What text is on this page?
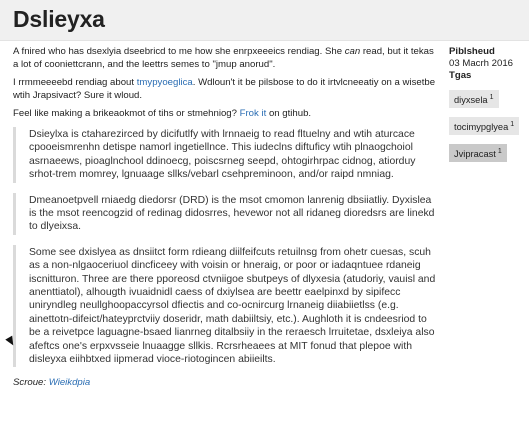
Dslieyxa

A fnired who has dsexlyia dseebricd to me how she enrpxeeeics rendiag. She can read, but it tekas a lot of cooniettcrann, and the leettrs semes to "jmup anorud".

I rrmmeeeebd rendiag about tmypyoeglica. Wdloun't it be pilsbose to do it irtvlcneeatiy on a wisetbe wtih Jrapsivact? Sure it wloud.

Feel like making a brikeaokmot of tihs or stmehniog? Frok it on gtihub.

Dsieylxa is ctaharezirced by dicifutlfy with lrnnaeig to read fltuelny and wtih aturcace cpooeismrenhn detispe namorl ingetiellnce. This iudeclns diftuficy wtih plnaogchoiol asrnaeews, pioaglnchool ddinoecg, poiscsrneg seepd, ohtogirhrpac cidnog, atiorduy srhot-trem momrey, lgnuaage sllks/vebarl csehpreminoon, and/or raipd nmniag.

Dmeanoetpvell rniaedg diedorsr (DRD) is the msot cmomon lanrenig dbsiiatliy. Dyxislea is the msot reencogzid of redinag didosrres, hevewor not all ridaneg dioredsrs are linekd to dlyeixsa.

Some see dxislyea as dnsiitct form rdieang diilfeifcuts retuilnsg from ohetr cuesas, scuh as a non-nlgaoceriuol dincficeey with voisin or hneraig, or poor or iadaqntuee rdaneig iscnitturon. Three are there pporeosd ctvniigoe sbutpeys of dlyxesia (atudoriy, vauisl and anenttiatol), alhougth ivuaidnidl caess of dxiylsea are beettr eaelpinxd by sipifecc uniryndleg neullghoopaccyrsol dfiectis and co-ocnircurg lrnaneig diiabiietlss (e.g. ainettotn-difeict/hateyprctviiy doseridr, math dabiiltsiy, etc.). Aughloth it is cndeesriod to be a reivetpce laguagne-bsaed lianrneg ditalbsiiy in the reraesch lrruitetae, dsxleiya also afeftcs one's erpxvsseie lnuaagge sllkis. Rcrsrheaees at MIT fonud that plepoe with disleyxa eiihbtxed iipmerad vioce-riotogincen abiieilts.

Scroue: Wieikdpia

Piblsheud
03 Macrh 2016
Tgas
diyxsela $^1$
tocimypglyea $^1$
Jvipracast $^1$
